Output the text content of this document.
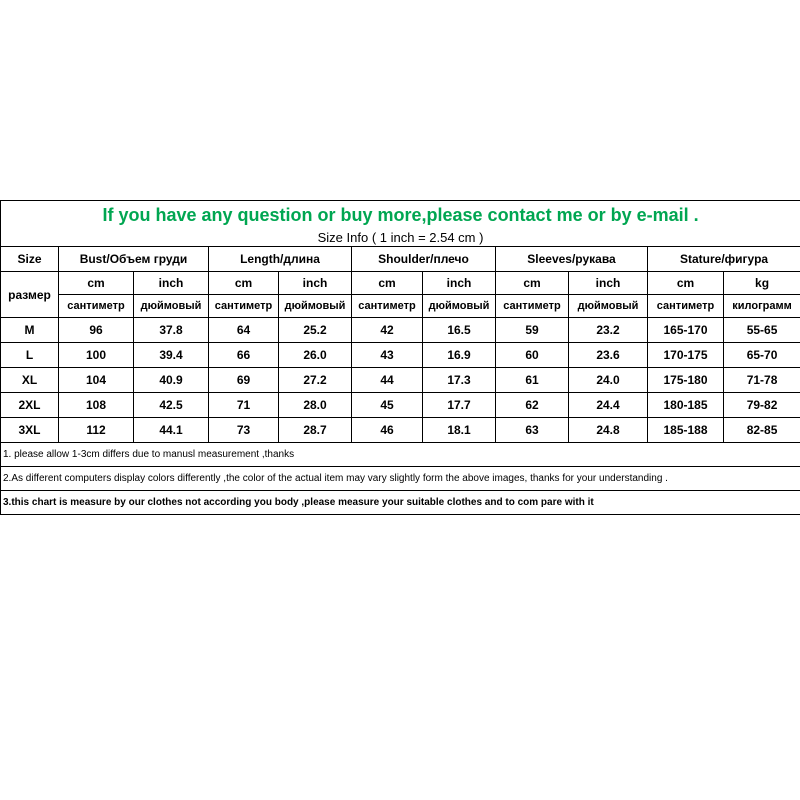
If you have any question or buy more,please contact me or by e-mail .										
Size Info ( 1 inch = 2.54 cm )										
Size	Bust/Объем груди		Length/длина		Shoulder/плечо		Sleeves/рукава		Stature/фигура	
размер	cm	inch	cm	inch	cm	inch	cm	inch	cm	kg
	сантиметр	дюймовый	сантиметр	дюймовый	сантиметр	дюймовый	сантиметр	дюймовый	сантиметр	килограмм
M	96	37.8	64	25.2	42	16.5	59	23.2	165-170	55-65
L	100	39.4	66	26.0	43	16.9	60	23.6	170-175	65-70
XL	104	40.9	69	27.2	44	17.3	61	24.0	175-180	71-78
2XL	108	42.5	71	28.0	45	17.7	62	24.4	180-185	79-82
3XL	112	44.1	73	28.7	46	18.1	63	24.8	185-188	82-85
1. please allow 1-3cm differs due to manusl measurement ,thanks										
2.As different computers display colors differently ,the color of the actual item may vary slightly form the above images, thanks for your understanding .										
3.this chart is measure by our clothes not according you body ,please measure your suitable clothes and to com pare with it										
